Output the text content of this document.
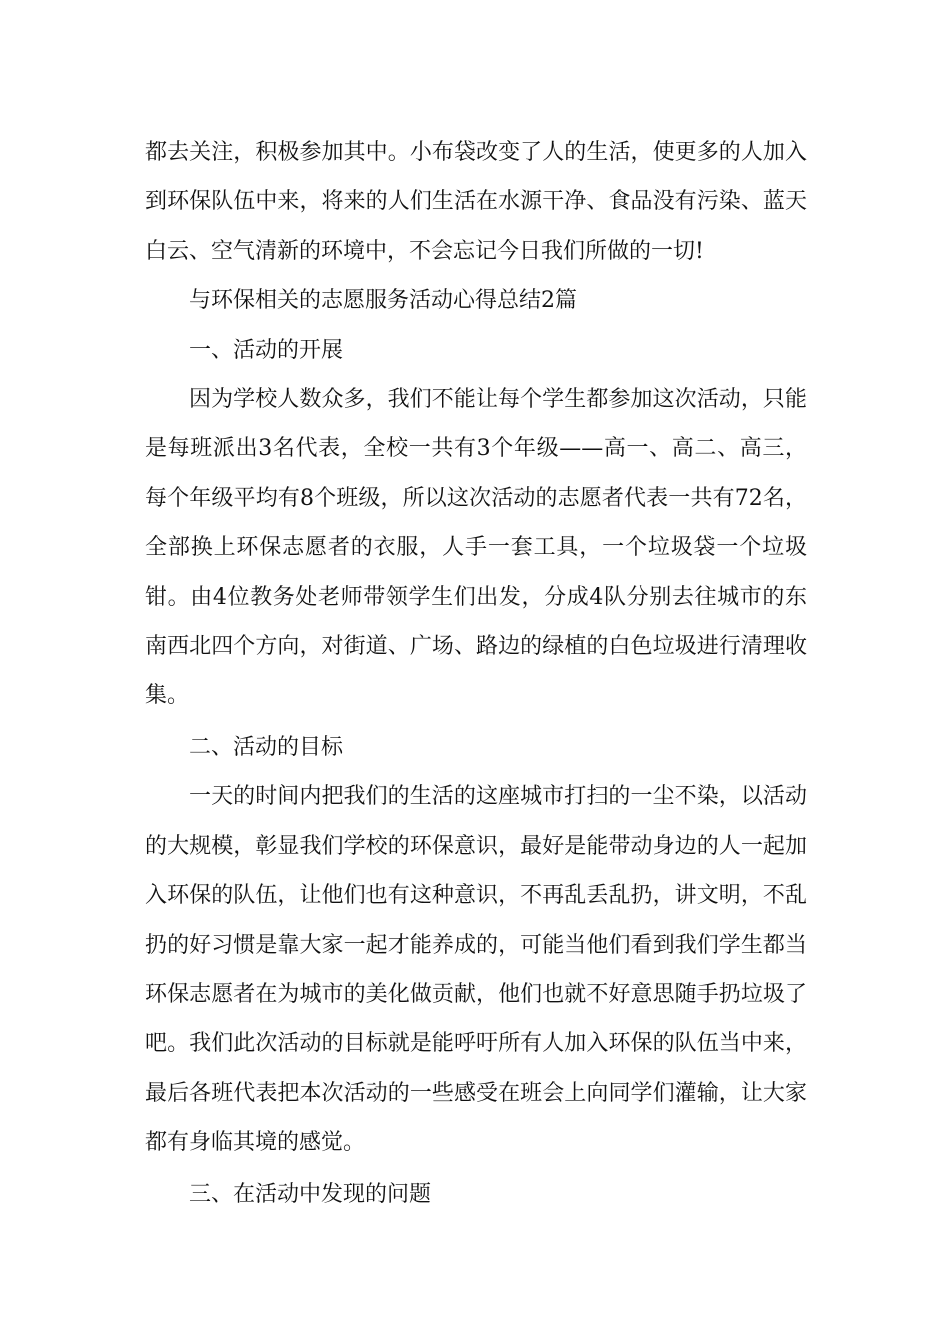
都去关注，积极参加其中。小布袋改变了人的生活，使更多的人加入到环保队伍中来，将来的人们生活在水源干净、食品没有污染、蓝天白云、空气清新的环境中，不会忘记今日我们所做的一切!

与环保相关的志愿服务活动心得总结2篇

一、活动的开展

因为学校人数众多，我们不能让每个学生都参加这次活动，只能是每班派出3名代表，全校一共有3个年级——高一、高二、高三，每个年级平均有8个班级，所以这次活动的志愿者代表一共有72名，全部换上环保志愿者的衣服，人手一套工具，一个垃圾袋一个垃圾钳。由4位教务处老师带领学生们出发，分成4队分别去往城市的东南西北四个方向，对街道、广场、路边的绿植的白色垃圾进行清理收集。

二、活动的目标

一天的时间内把我们的生活的这座城市打扫的一尘不染，以活动的大规模，彰显我们学校的环保意识，最好是能带动身边的人一起加入环保的队伍，让他们也有这种意识，不再乱丢乱扔，讲文明，不乱扔的好习惯是靠大家一起才能养成的，可能当他们看到我们学生都当环保志愿者在为城市的美化做贡献，他们也就不好意思随手扔垃圾了吧。我们此次活动的目标就是能呼吁所有人加入环保的队伍当中来，最后各班代表把本次活动的一些感受在班会上向同学们灌输，让大家都有身临其境的感觉。

三、在活动中发现的问题
